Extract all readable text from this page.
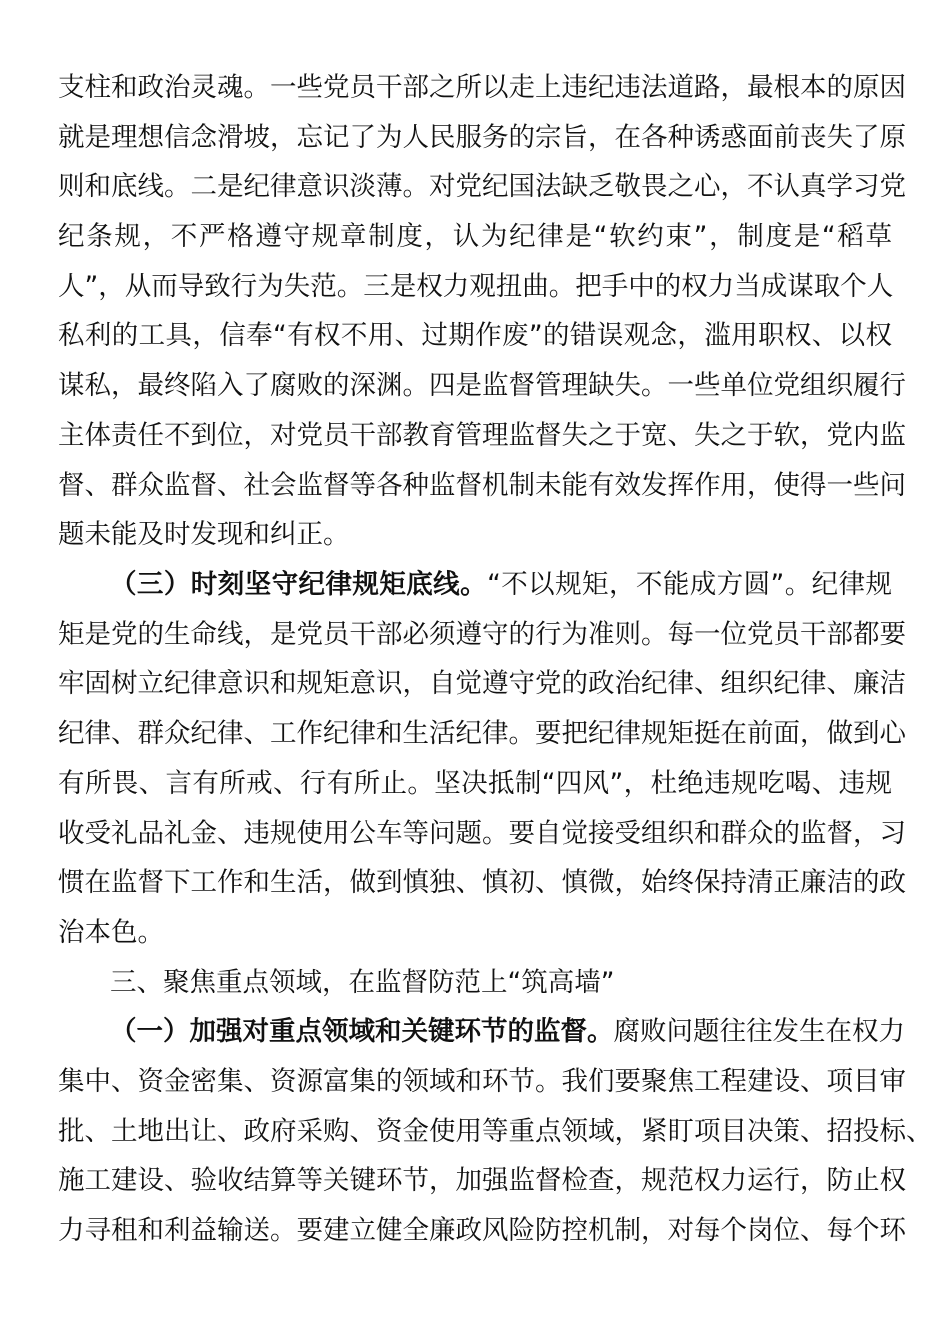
支柱和政治灵魂。一些党员干部之所以走上违纪违法道路，最根本的原因
就是理想信念滑坡，忘记了为人民服务的宗旨，在各种诱惑面前丧失了原
则和底线。二是纪律意识淡薄。对党纪国法缺乏敬畏之心，不认真学习党
纪条规，不严格遵守规章制度，认为纪律是“软约束”，制度是“稻草
人”，从而导致行为失范。三是权力观扭曲。把手中的权力当成谋取个人
私利的工具，信奉“有权不用、过期作废”的错误观念，滥用职权、以权
谋私，最终陷入了腐败的深渊。四是监督管理缺失。一些单位党组织履行
主体责任不到位，对党员干部教育管理监督失之于宽、失之于软，党内监
督、群众监督、社会监督等各种监督机制未能有效发挥作用，使得一些问
题未能及时发现和纠正。
（三）时刻坚守纪律规矩底线。“不以规矩，不能成方圆”。纪律规
矩是党的生命线，是党员干部必须遵守的行为准则。每一位党员干部都要
牢固树立纪律意识和规矩意识，自觉遵守党的政治纪律、组织纪律、廉洁
纪律、群众纪律、工作纪律和生活纪律。要把纪律规矩挺在前面，做到心
有所畏、言有所戒、行有所止。坚决抵制“四风”，杜绝违规吃喝、违规
收受礼品礼金、违规使用公车等问题。要自觉接受组织和群众的监督，习
惯在监督下工作和生活，做到慎独、慎初、慎微，始终保持清正廉洁的政
治本色。
三、聚焦重点领域，在监督防范上“筑高墙”
（一）加强对重点领域和关键环节的监督。腐败问题往往发生在权力
集中、资金密集、资源富集的领域和环节。我们要聚焦工程建设、项目审
批、土地出让、政府采购、资金使用等重点领域，紧盯项目决策、招投标、
施工建设、验收结算等关键环节，加强监督检查，规范权力运行，防止权
力寻租和利益输送。要建立健全廉政风险防控机制，对每个岗位、每个环
